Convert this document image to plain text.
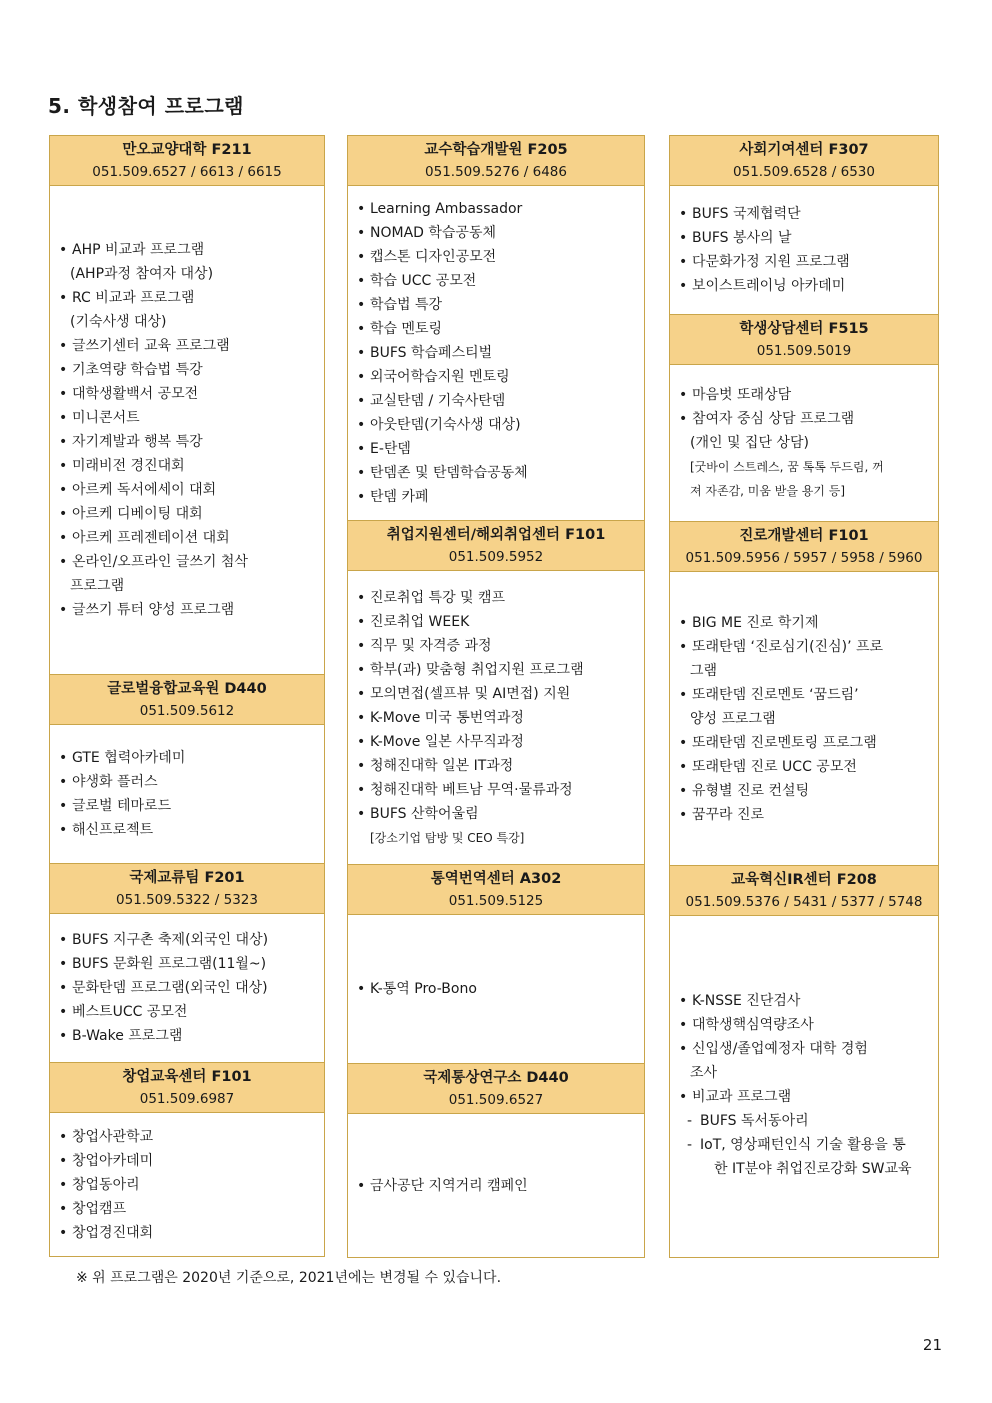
5. 학생참여 프로그램
만오교양대학 F211
051.509.6527 / 6613 / 6615
• AHP 비교과 프로그램
(AHP과정 참여자 대상)
• RC 비교과 프로그램
(기숙사생 대상)
• 글쓰기센터 교육 프로그램
• 기초역량 학습법 특강
• 대학생활백서 공모전
• 미니콘서트
• 자기계발과 행복 특강
• 미래비전 경진대회
• 아르케 독서에세이 대회
• 아르케 디베이팅 대회
• 아르케 프레젠테이션 대회
• 온라인/오프라인 글쓰기 첨삭
프로그램
• 글쓰기 튜터 양성 프로그램
글로벌융합교육원 D440
051.509.5612
• GTE 협력아카데미
• 야생화 플러스
• 글로벌 테마로드
• 해신프로젝트
국제교류팀 F201
051.509.5322 / 5323
• BUFS 지구촌 축제(외국인 대상)
• BUFS 문화원 프로그램(11월~)
• 문화탄뎀 프로그램(외국인 대상)
• 베스트UCC 공모전
• B-Wake 프로그램
창업교육센터 F101
051.509.6987
• 창업사관학교
• 창업아카데미
• 창업동아리
• 창업캠프
• 창업경진대회
교수학습개발원 F205
051.509.5276 / 6486
• Learning Ambassador
• NOMAD 학습공동체
• 캡스톤 디자인공모전
• 학습 UCC 공모전
• 학습법 특강
• 학습 멘토링
• BUFS 학습페스티벌
• 외국어학습지원 멘토링
• 교실탄뎀 / 기숙사탄뎀
• 아웃탄뎀(기숙사생 대상)
• E-탄뎀
• 탄뎀존 및 탄뎀학습공동체
• 탄뎀 카페
취업지원센터/해외취업센터 F101
051.509.5952
• 진로취업 특강 및 캠프
• 진로취업 WEEK
• 직무 및 자격증 과정
• 학부(과) 맞춤형 취업지원 프로그램
• 모의면접(셀프뷰 및 AI면접) 지원
• K-Move 미국 통번역과정
• K-Move 일본 사무직과정
• 청해진대학 일본 IT과정
• 청해진대학 베트남 무역·물류과정
• BUFS 산학어울림
[강소기업 탐방 및 CEO 특강]
통역번역센터 A302
051.509.5125
• K-통역 Pro-Bono
국제통상연구소 D440
051.509.6527
• 금사공단 지역거리 캠페인
사회기여센터 F307
051.509.6528 / 6530
• BUFS 국제협력단
• BUFS 봉사의 날
• 다문화가정 지원 프로그램
• 보이스트레이닝 아카데미
학생상담센터 F515
051.509.5019
• 마음벗 또래상담
• 참여자 중심 상담 프로그램
(개인 및 집단 상담)
[굿바이 스트레스, 꿈 톡톡 두드림, 꺼
져 자존감, 미움 받을 용기 등]
진로개발센터 F101
051.509.5956 / 5957 / 5958 / 5960
• BIG ME 진로 학기제
• 또래탄뎀 ‘진로심기(진심)’ 프로
그램
• 또래탄뎀 진로멘토 ‘꿈드림’
양성 프로그램
• 또래탄뎀 진로멘토링 프로그램
• 또래탄뎀 진로 UCC 공모전
• 유형별 진로 컨설팅
• 꿈꾸라 진로
교육혁신IR센터 F208
051.509.5376 / 5431 / 5377 / 5748
• K-NSSE 진단검사
• 대학생핵심역량조사
• 신입생/졸업예정자 대학 경험
조사
• 비교과 프로그램
- BUFS 독서동아리
- IoT, 영상패턴인식 기술 활용을 통
한 IT분야 취업진로강화 SW교육
※ 위 프로그램은 2020년 기준으로, 2021년에는 변경될 수 있습니다.
21
